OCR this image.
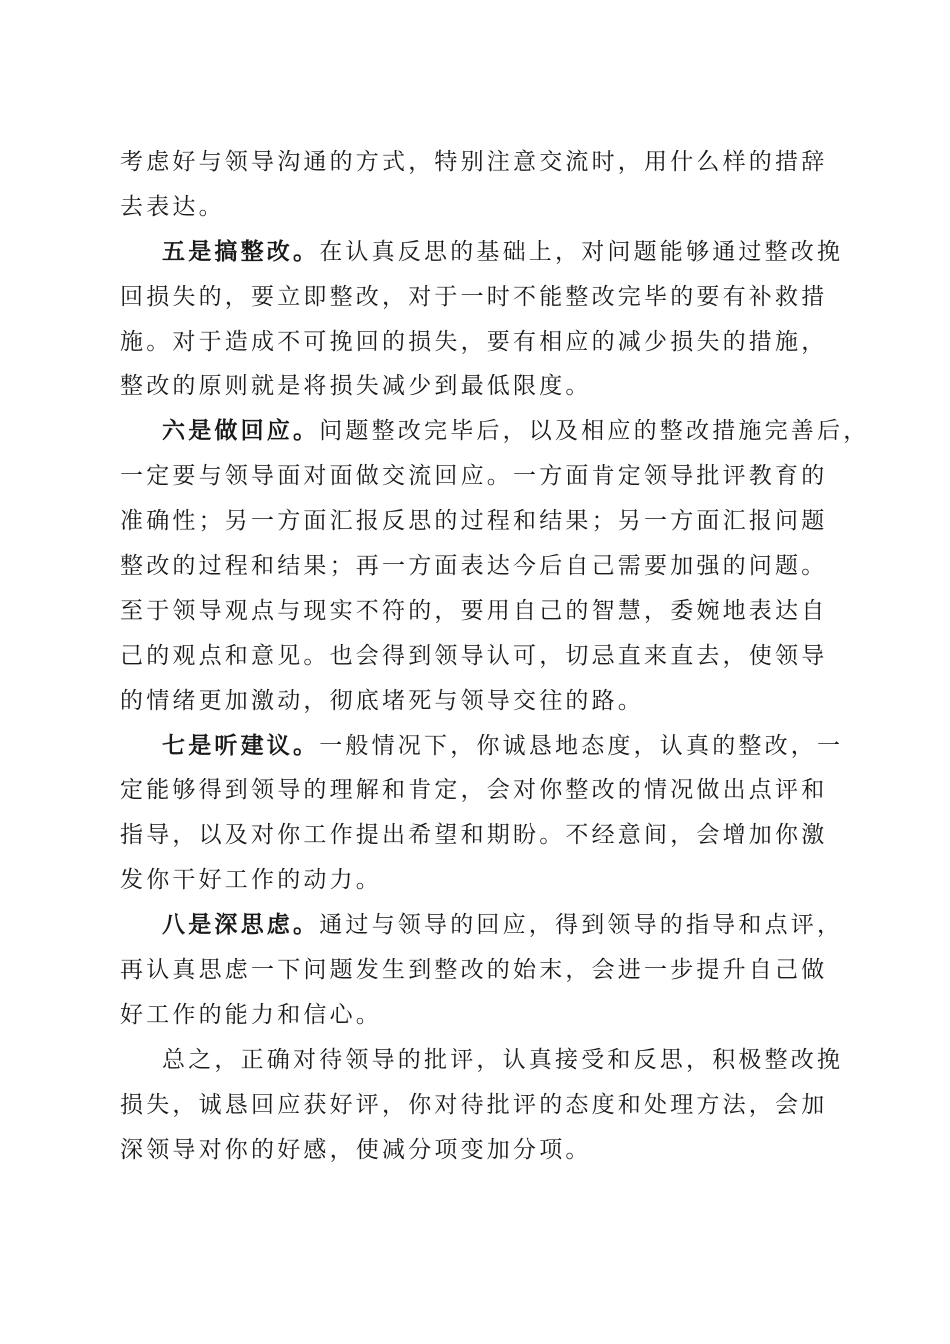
考虑好与领导沟通的方式，特别注意交流时，用什么样的措辞
去表达。
五是搞整改。在认真反思的基础上，对问题能够通过整改挽
回损失的，要立即整改，对于一时不能整改完毕的要有补救措
施。对于造成不可挽回的损失，要有相应的减少损失的措施，
整改的原则就是将损失减少到最低限度。
六是做回应。问题整改完毕后，以及相应的整改措施完善后，
一定要与领导面对面做交流回应。一方面肯定领导批评教育的
准确性；另一方面汇报反思的过程和结果；另一方面汇报问题
整改的过程和结果；再一方面表达今后自己需要加强的问题。
至于领导观点与现实不符的，要用自己的智慧，委婉地表达自
己的观点和意见。也会得到领导认可，切忌直来直去，使领导
的情绪更加激动，彻底堵死与领导交往的路。
七是听建议。一般情况下，你诚恳地态度，认真的整改，一
定能够得到领导的理解和肯定，会对你整改的情况做出点评和
指导，以及对你工作提出希望和期盼。不经意间，会增加你激
发你干好工作的动力。
八是深思虑。通过与领导的回应，得到领导的指导和点评，
再认真思虑一下问题发生到整改的始末，会进一步提升自己做
好工作的能力和信心。
总之，正确对待领导的批评，认真接受和反思，积极整改挽
损失，诚恳回应获好评，你对待批评的态度和处理方法，会加
深领导对你的好感，使减分项变加分项。
